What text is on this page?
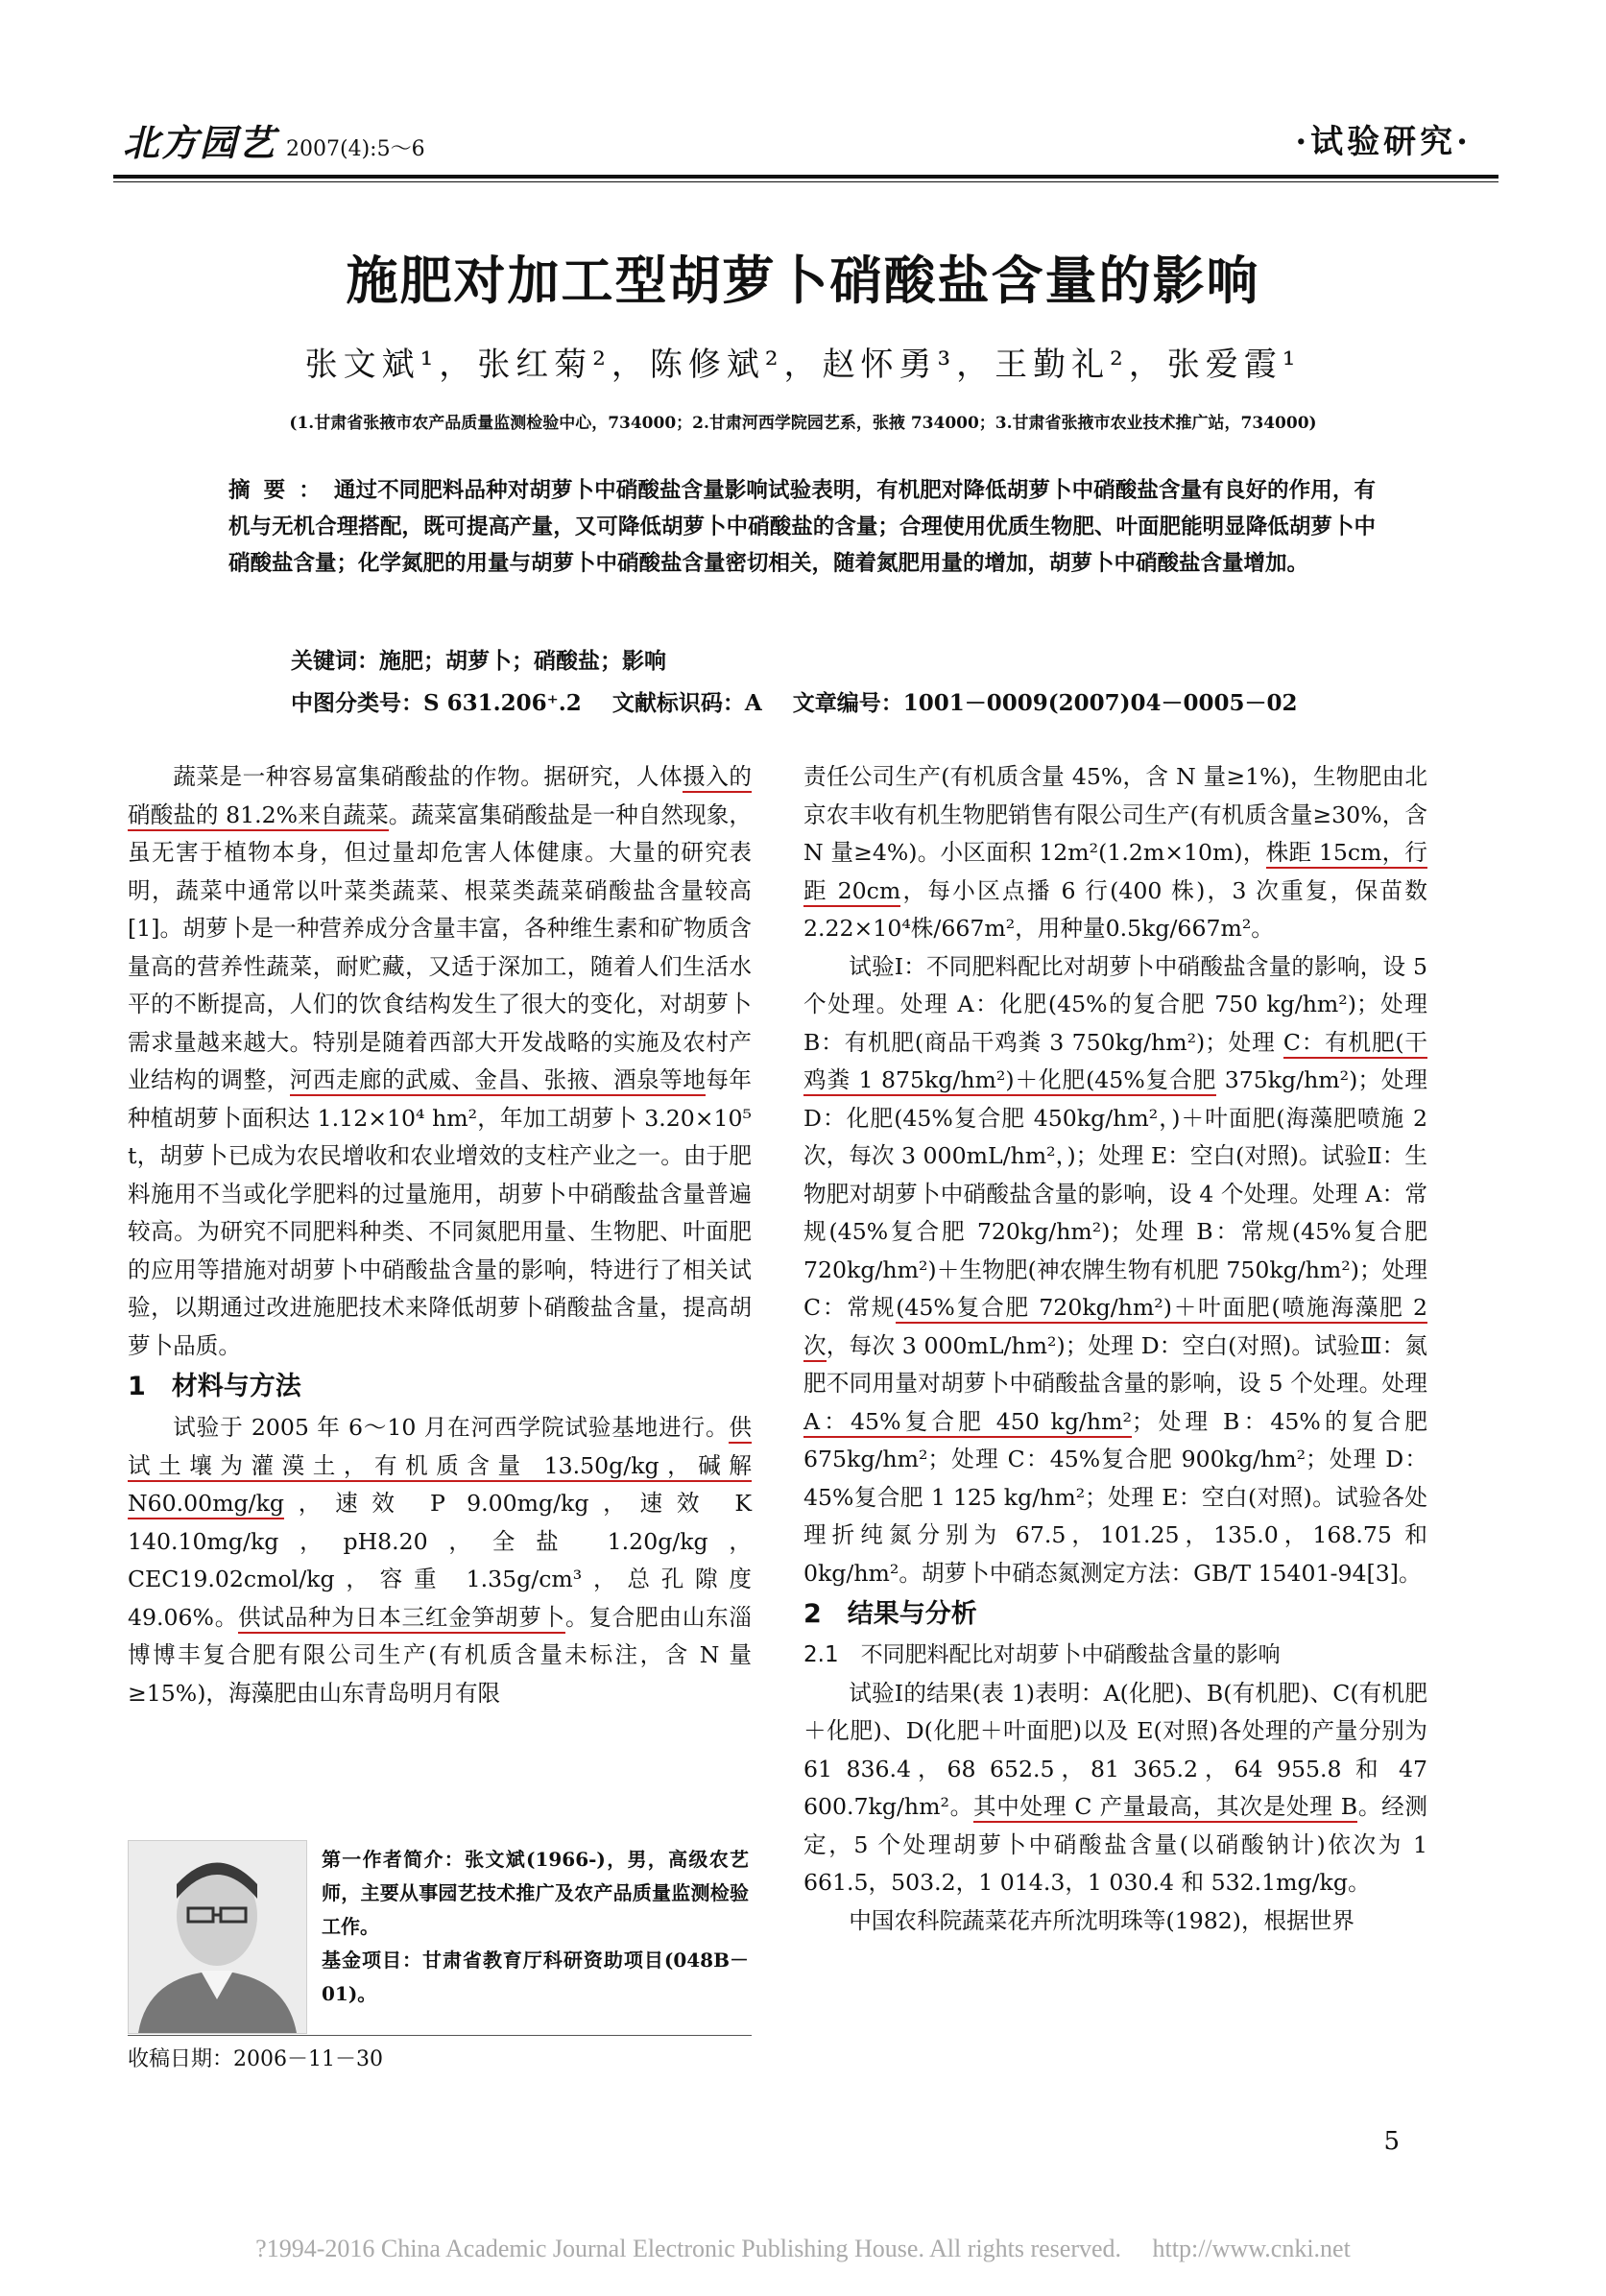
北方园艺 2007(4):5～6	·试验研究·
施肥对加工型胡萝卜硝酸盐含量的影响
张文斌¹，张红菊²，陈修斌²，赵怀勇³，王勤礼²，张爱霞¹
(1.甘肃省张掖市农产品质量监测检验中心，734000；2.甘肃河西学院园艺系，张掖 734000；3.甘肃省张掖市农业技术推广站，734000)
摘要：通过不同肥料品种对胡萝卜中硝酸盐含量影响试验表明，有机肥对降低胡萝卜中硝酸盐含量有良好的作用，有机与无机合理搭配，既可提高产量，又可降低胡萝卜中硝酸盐的含量；合理使用优质生物肥、叶面肥能明显降低胡萝卜中硝酸盐含量；化学氮肥的用量与胡萝卜中硝酸盐含量密切相关，随着氮肥用量的增加，胡萝卜中硝酸盐含量增加。
关键词：施肥；胡萝卜；硝酸盐；影响
中图分类号：S 631.206⁺.2 文献标识码：A 文章编号：1001－0009(2007)04－0005－02

蔬菜是一种容易富集硝酸盐的作物。据研究，人体摄入的硝酸盐的 81.2%来自蔬菜。蔬菜富集硝酸盐是一种自然现象，虽无害于植物本身，但过量却危害人体健康。大量的研究表明，蔬菜中通常以叶菜类蔬菜、根菜类蔬菜硝酸盐含量较高[1]。胡萝卜是一种营养成分含量丰富，各种维生素和矿物质含量高的营养性蔬菜，耐贮藏，又适于深加工，随着人们生活水平的不断提高，人们的饮食结构发生了很大的变化，对胡萝卜需求量越来越大。特别是随着西部大开发战略的实施及农村产业结构的调整，河西走廊的武威、金昌、张掖、酒泉等地每年种植胡萝卜面积达 1.12×10⁴ hm²，年加工胡萝卜 3.20×10⁵ t，胡萝卜已成为农民增收和农业增效的支柱产业之一。由于肥料施用不当或化学肥料的过量施用，胡萝卜中硝酸盐含量普遍较高。为研究不同肥料种类、不同氮肥用量、生物肥、叶面肥的应用等措施对胡萝卜中硝酸盐含量的影响，特进行了相关试验，以期通过改进施肥技术来降低胡萝卜硝酸盐含量，提高胡萝卜品质。

1　材料与方法

试验于 2005 年 6～10 月在河西学院试验基地进行。供试土壤为灌漠土，有机质含量 13.50g/kg，碱解 N60.00mg/kg，速效 P 9.00mg/kg，速效 K 140.10mg/kg，pH8.20，全盐 1.20g/kg，CEC19.02cmol/kg，容重 1.35g/cm³，总孔隙度 49.06%。供试品种为日本三红金笋胡萝卜。复合肥由山东淄博博丰复合肥有限公司生产(有机质含量未标注，含 N 量≥15%)，海藻肥由山东青岛明月有限

第一作者简介：张文斌(1966-)，男，高级农艺师，主要从事园艺技术推广及农产品质量监测检验工作。
基金项目：甘肃省教育厅科研资助项目(048B－01)。
收稿日期：2006－11－30

责任公司生产(有机质含量 45%，含 N 量≥1%)，生物肥由北京农丰收有机生物肥销售有限公司生产(有机质含量≥30%，含 N 量≥4%)。小区面积 12m²(1.2m×10m)，株距 15cm，行距 20cm，每小区点播 6 行(400 株)，3 次重复，保苗数 2.22×10⁴株/667m²，用种量0.5kg/667m²。

试验Ⅰ：不同肥料配比对胡萝卜中硝酸盐含量的影响，设 5 个处理。处理 A：化肥(45%的复合肥 750 kg/hm²)；处理 B：有机肥(商品干鸡粪 3 750kg/hm²)；处理 C：有机肥(干鸡粪 1 875kg/hm²)＋化肥(45%复合肥 375kg/hm²)；处理 D：化肥(45%复合肥 450kg/hm²，)＋叶面肥(海藻肥喷施 2 次，每次 3 000mL/hm²，)；处理 E：空白(对照)。试验Ⅱ：生物肥对胡萝卜中硝酸盐含量的影响，设 4 个处理。处理 A：常规(45%复合肥 720kg/hm²)；处理 B：常规(45%复合肥 720kg/hm²)＋生物肥(神农牌生物有机肥 750kg/hm²)；处理 C：常规(45%复合肥 720kg/hm²)＋叶面肥(喷施海藻肥 2 次，每次 3 000mL/hm²)；处理 D：空白(对照)。试验Ⅲ：氮肥不同用量对胡萝卜中硝酸盐含量的影响，设 5 个处理。处理A：45%复合肥 450 kg/hm²；处理 B：45%的复合肥 675kg/hm²；处理 C：45%复合肥 900kg/hm²；处理 D：45%复合肥 1 125 kg/hm²；处理 E：空白(对照)。试验各处理折纯氮分别为 67.5，101.25，135.0，168.75 和 0kg/hm²。胡萝卜中硝态氮测定方法：GB/T 15401-94[3]。

2　结果与分析
2.1　不同肥料配比对胡萝卜中硝酸盐含量的影响

试验Ⅰ的结果(表 1)表明：A(化肥)、B(有机肥)、C(有机肥＋化肥)、D(化肥＋叶面肥)以及 E(对照)各处理的产量分别为 61 836.4，68 652.5，81 365.2，64 955.8 和 47 600.7kg/hm²。其中处理 C 产量最高，其次是处理 B。经测定，5 个处理胡萝卜中硝酸盐含量(以硝酸钠计)依次为 1 661.5，503.2，1 014.3，1 030.4 和 532.1mg/kg。

中国农科院蔬菜花卉所沈明珠等(1982)，根据世界

5
?1994-2016 China Academic Journal Electronic Publishing House. All rights reserved.　 http://www.cnki.net
